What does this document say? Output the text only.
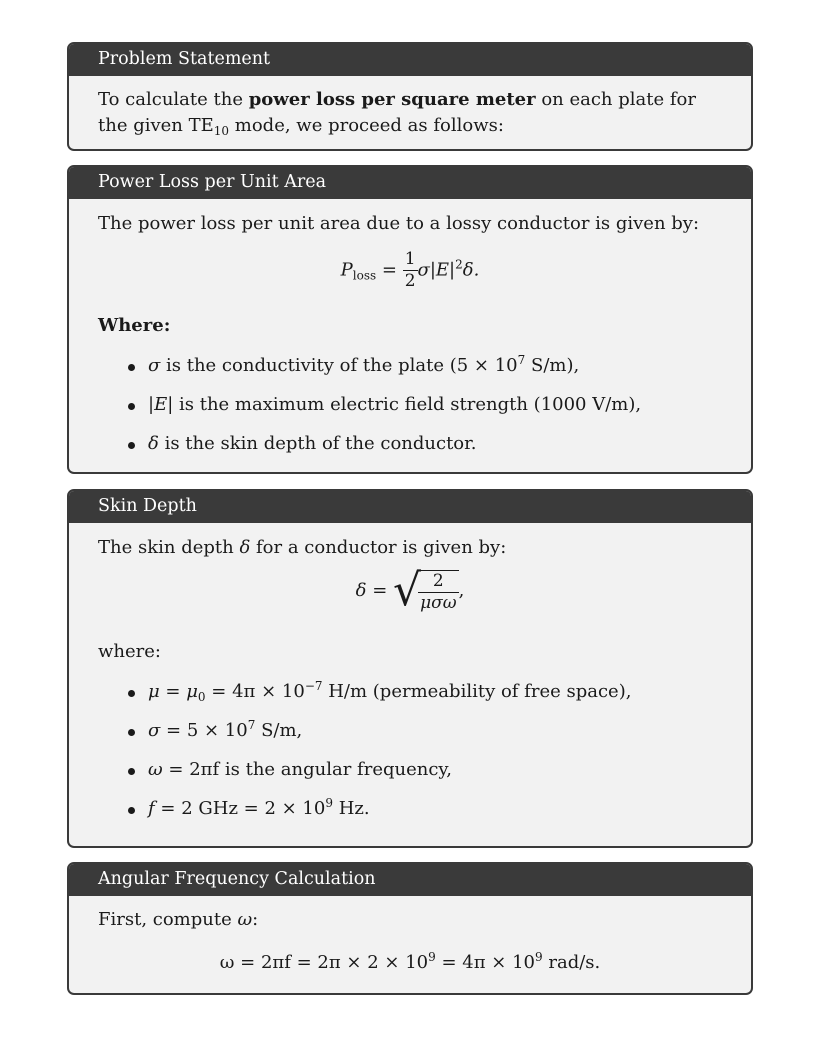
Problem Statement

To calculate the power loss per square meter on each plate for the given $TE_{10}$ mode, we proceed as follows:

Power Loss per Unit Area

The power loss per unit area due to a lossy conductor is given by:

$P_{loss} = \frac{1}{2} \sigma|E|^2\delta$.

Where:

σ is the conductivity of the plate ($5 \times 10^7$ S/m),
|E| is the maximum electric field strength (1000 V/m),
δ is the skin depth of the conductor.
Skin Depth

The skin depth δ for a conductor is given by:

δ = √
$\frac{2}{\text{μσω}}$ ,

where:

$\mu = \mu_0 = 4\pi \times 10^{-7}$ H/m (permeability of free space),
$\sigma = 5 \times 10^7$ S/m,
ω = 2πf is the angular frequency,
f = 2 GHz = $2 \times 10^9$ Hz.
Angular Frequency Calculation

First, compute ω:

$\omega = 2\pi f = 2\pi \times 2 \times 10^9 = 4\pi \times 10^9$ rad/s.
